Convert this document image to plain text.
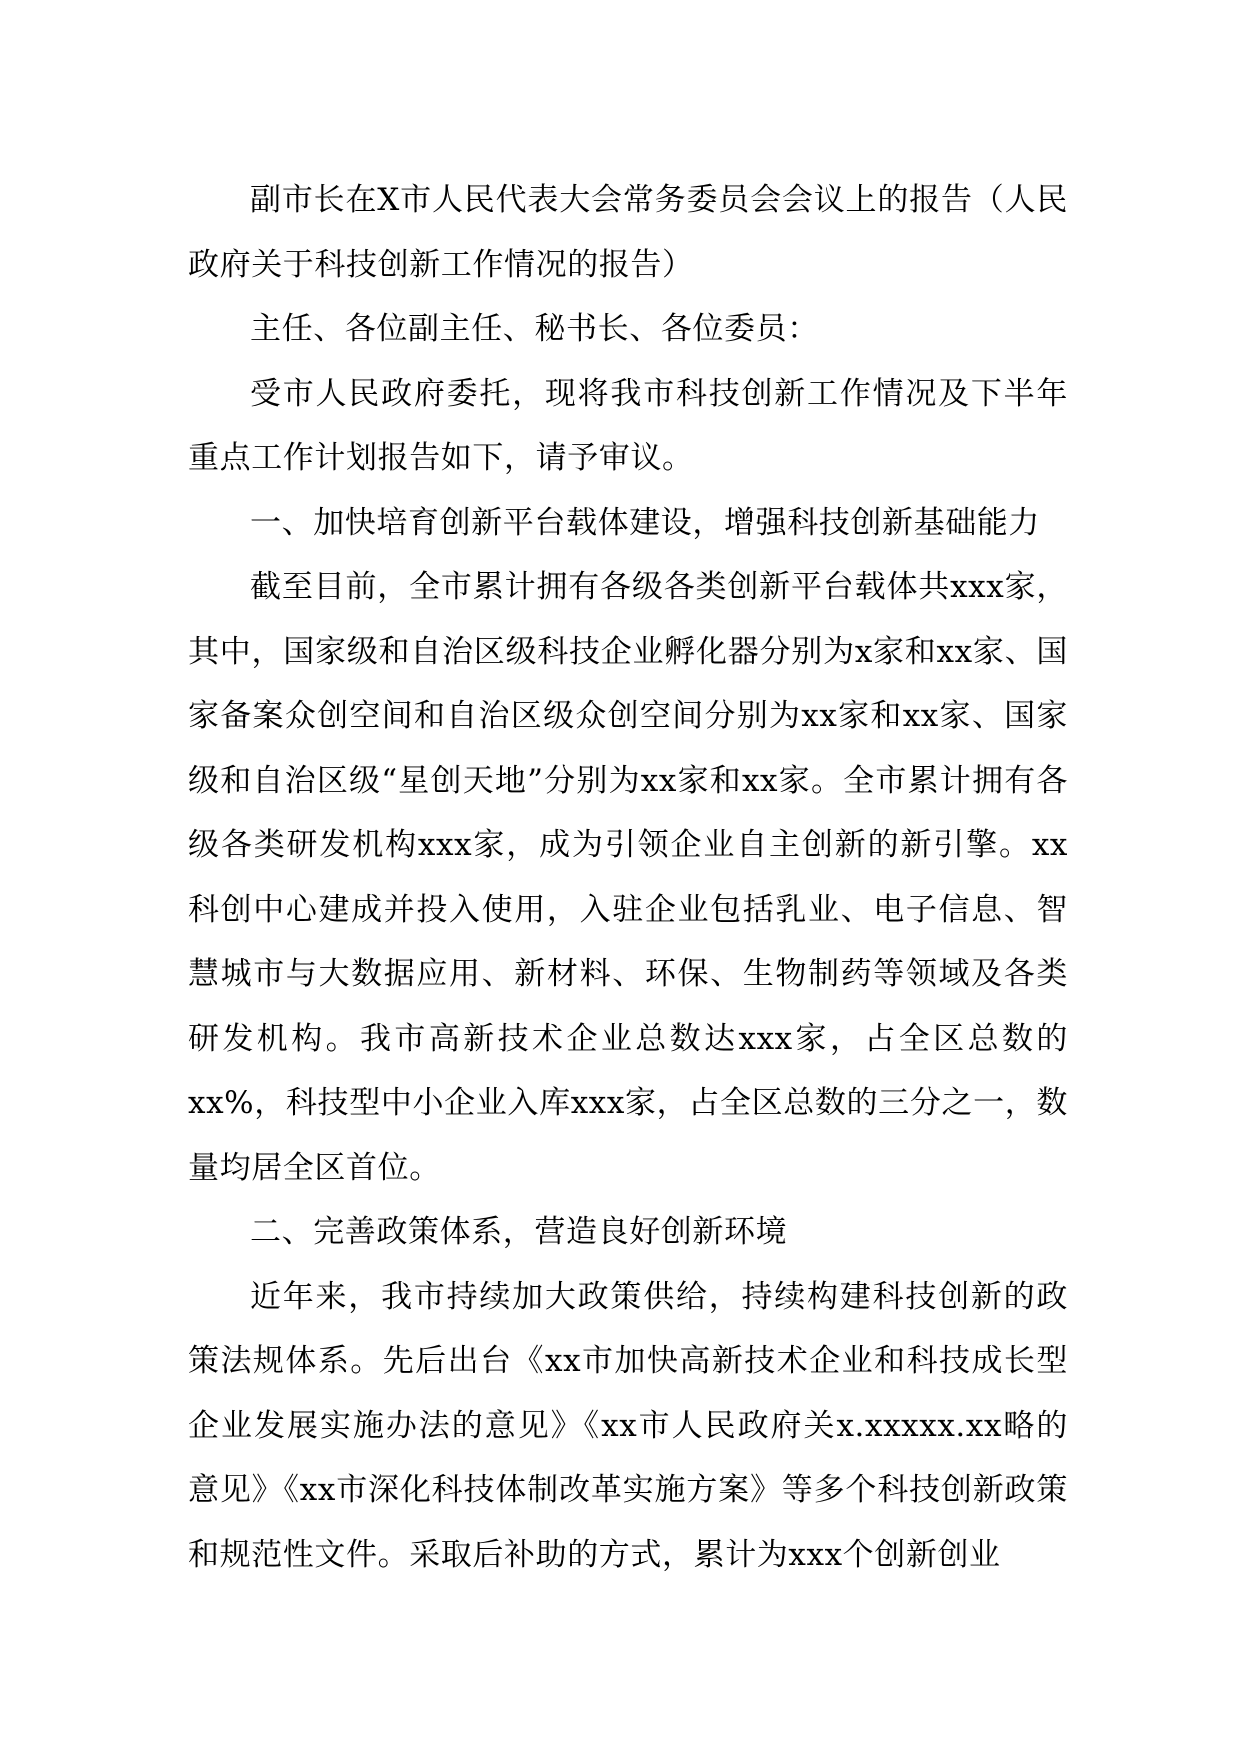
副市长在X市人民代表大会常务委员会会议上的报告（人民政府关于科技创新工作情况的报告）

主任、各位副主任、秘书长、各位委员：

受市人民政府委托，现将我市科技创新工作情况及下半年重点工作计划报告如下，请予审议。

一、加快培育创新平台载体建设，增强科技创新基础能力

截至目前，全市累计拥有各级各类创新平台载体共xxx家，其中，国家级和自治区级科技企业孵化器分别为x家和xx家、国家备案众创空间和自治区级众创空间分别为xx家和xx家、国家级和自治区级“星创天地”分别为xx家和xx家。全市累计拥有各级各类研发机构xxx家，成为引领企业自主创新的新引擎。xx科创中心建成并投入使用，入驻企业包括乳业、电子信息、智慧城市与大数据应用、新材料、环保、生物制药等领域及各类研发机构。我市高新技术企业总数达xxx家，占全区总数的xx%，科技型中小企业入库xxx家，占全区总数的三分之一，数量均居全区首位。

二、完善政策体系，营造良好创新环境

近年来，我市持续加大政策供给，持续构建科技创新的政策法规体系。先后出台《xx市加快高新技术企业和科技成长型企业发展实施办法的意见》《xx市人民政府关x.xxxxx.xx略的意见》《xx市深化科技体制改革实施方案》等多个科技创新政策和规范性文件。采取后补助的方式，累计为xxx个创新创业
